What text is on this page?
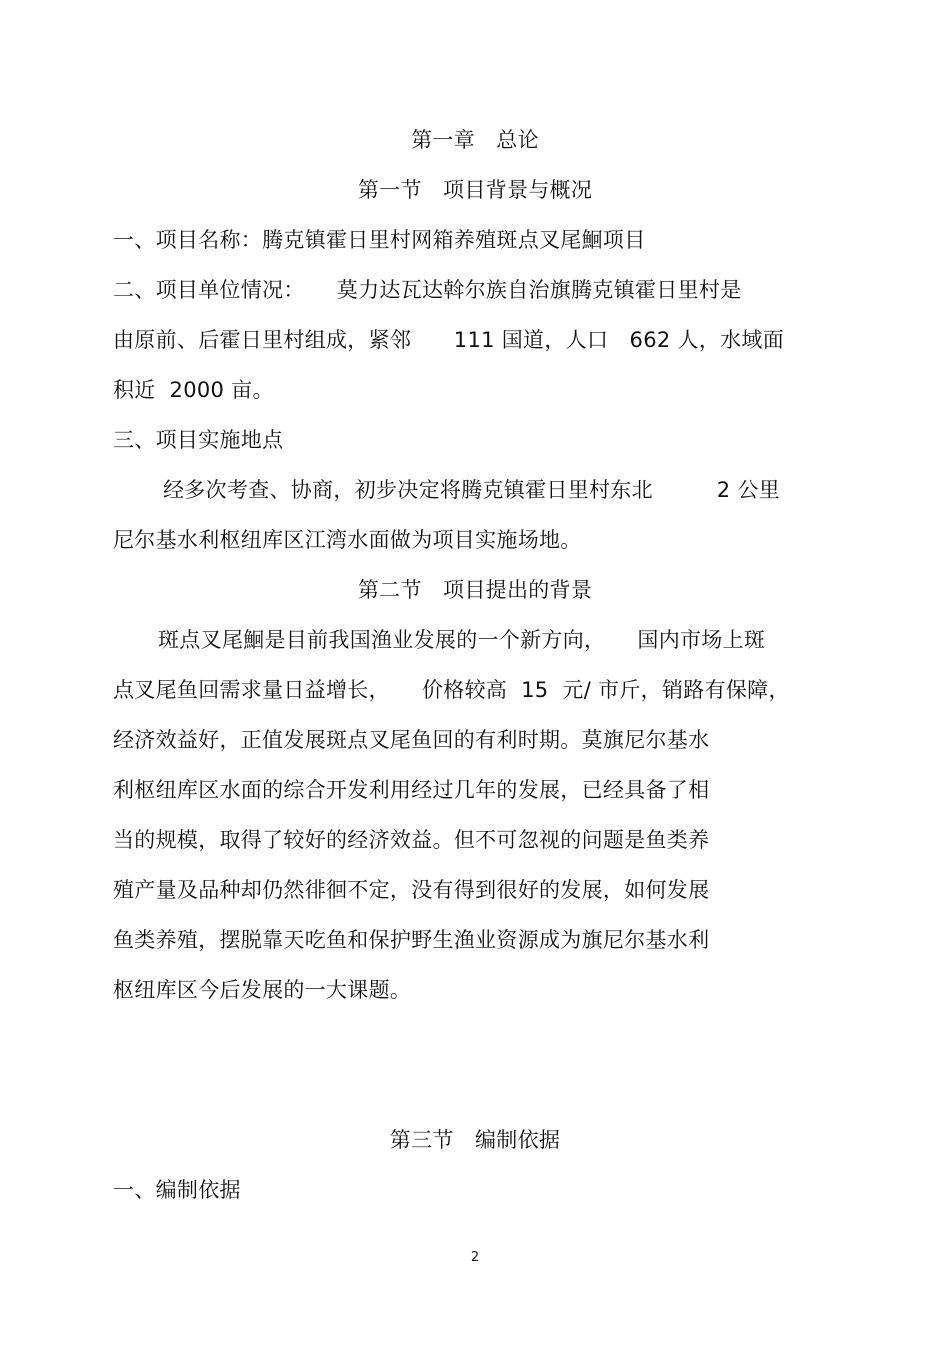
第一章　总论
第一节　项目背景与概况
一、项目名称：腾克镇霍日里村网箱养殖斑点叉尾鮰项目
二、项目单位情况：　　莫力达瓦达斡尔族自治旗腾克镇霍日里村是
由原前、后霍日里村组成，紧邻　　111 国道，人口　662 人，水域面
积近  2000 亩。
三、项目实施地点
经多次考查、协商，初步决定将腾克镇霍日里村东北　　　2 公里
尼尔基水利枢纽库区江湾水面做为项目实施场地。
第二节　项目提出的背景
斑点叉尾鮰是目前我国渔业发展的一个新方向，　　国内市场上斑
点叉尾鱼回需求量日益增长，　　价格较高  15  元/ 市斤，销路有保障，
经济效益好，正值发展斑点叉尾鱼回的有利时期。莫旗尼尔基水
利枢纽库区水面的综合开发利用经过几年的发展，已经具备了相
当的规模，取得了较好的经济效益。但不可忽视的问题是鱼类养
殖产量及品种却仍然徘徊不定，没有得到很好的发展，如何发展
鱼类养殖，摆脱靠天吃鱼和保护野生渔业资源成为旗尼尔基水利
枢纽库区今后发展的一大课题。
第三节　编制依据
一、编制依据
2
